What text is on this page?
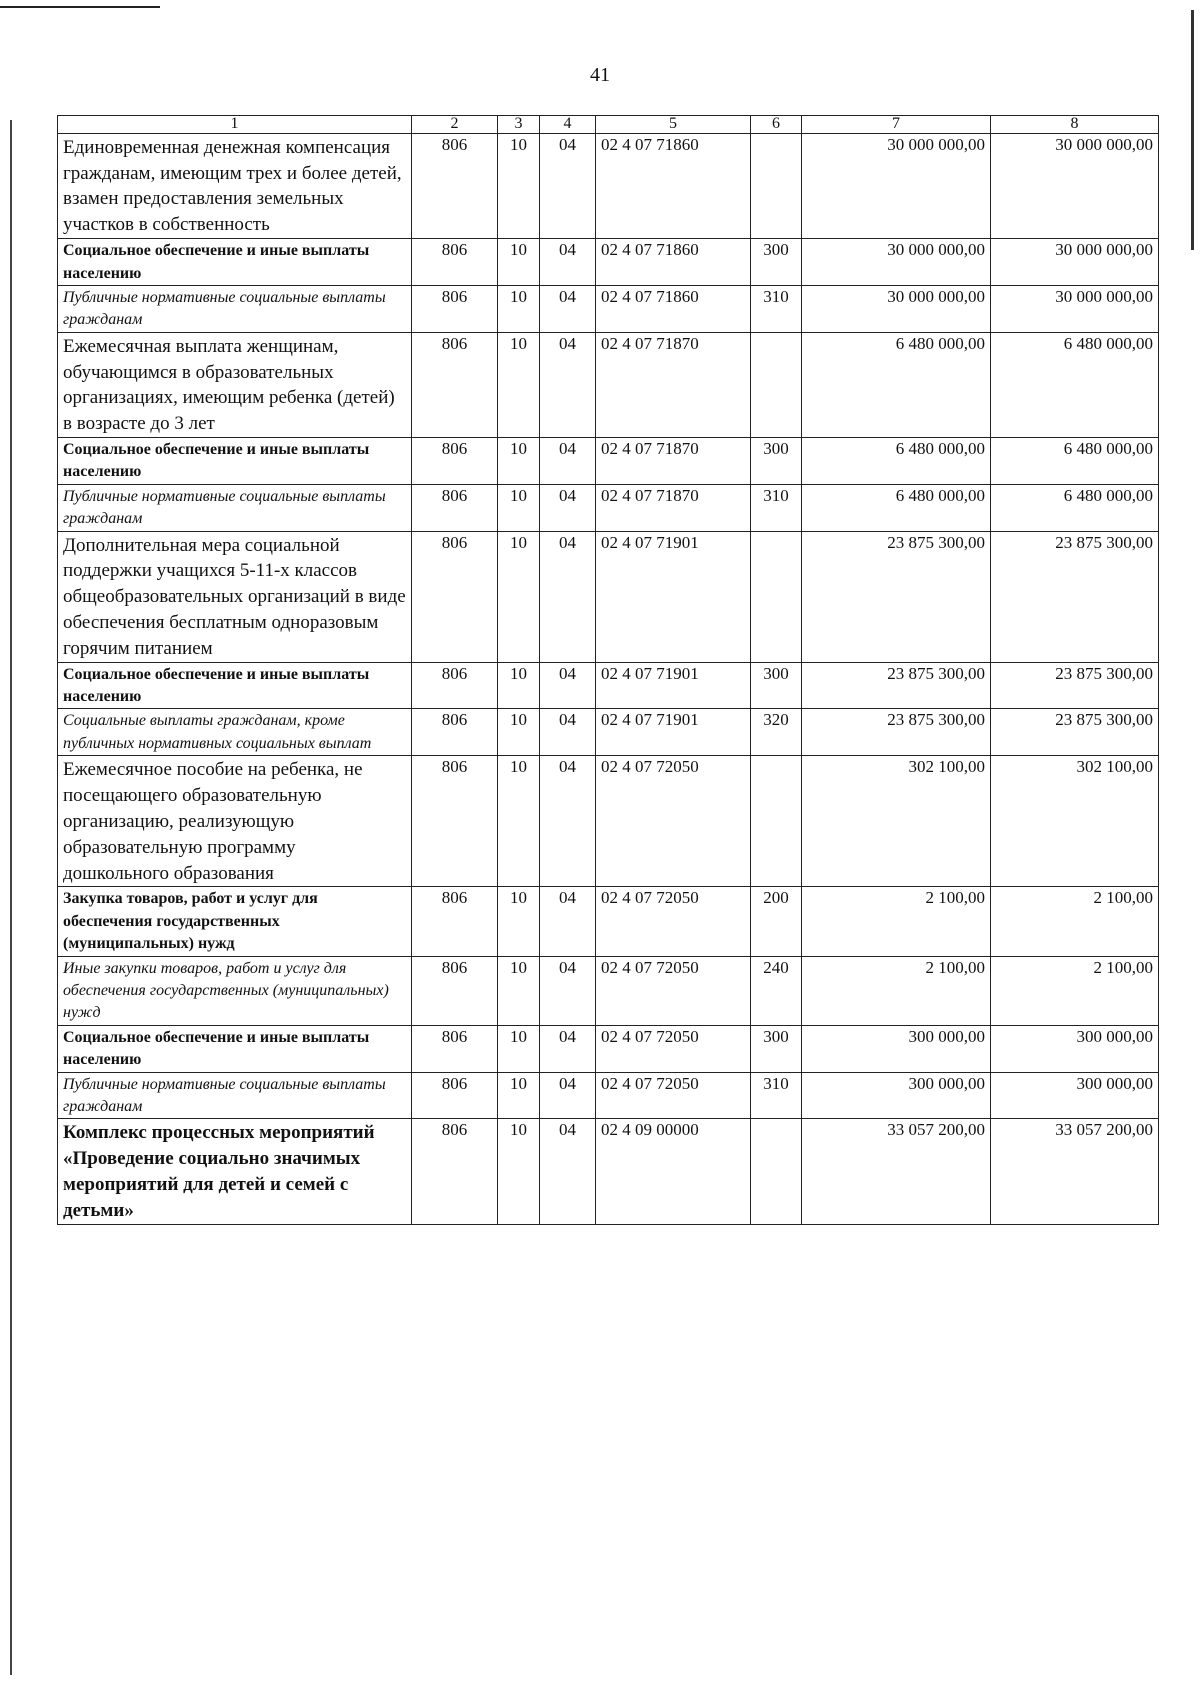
41
1	2	3	4	5	6	7	8
Единовременная денежная компенсация гражданам, имеющим трех и более детей, взамен предоставления земельных участков в собственность	806	10	04	02 4 07 71860		30 000 000,00	30 000 000,00
Социальное обеспечение и иные выплаты населению	806	10	04	02 4 07 71860	300	30 000 000,00	30 000 000,00
Публичные нормативные социальные выплаты гражданам	806	10	04	02 4 07 71860	310	30 000 000,00	30 000 000,00
Ежемесячная выплата женщинам, обучающимся в образовательных организациях, имеющим ребенка (детей) в возрасте до 3 лет	806	10	04	02 4 07 71870		6 480 000,00	6 480 000,00
Социальное обеспечение и иные выплаты населению	806	10	04	02 4 07 71870	300	6 480 000,00	6 480 000,00
Публичные нормативные социальные выплаты гражданам	806	10	04	02 4 07 71870	310	6 480 000,00	6 480 000,00
Дополнительная мера социальной поддержки учащихся 5-11-х классов общеобразовательных организаций в виде обеспечения бесплатным одноразовым горячим питанием	806	10	04	02 4 07 71901		23 875 300,00	23 875 300,00
Социальное обеспечение и иные выплаты населению	806	10	04	02 4 07 71901	300	23 875 300,00	23 875 300,00
Социальные выплаты гражданам, кроме публичных нормативных социальных выплат	806	10	04	02 4 07 71901	320	23 875 300,00	23 875 300,00
Ежемесячное пособие на ребенка, не посещающего образовательную организацию, реализующую образовательную программу дошкольного образования	806	10	04	02 4 07 72050		302 100,00	302 100,00
Закупка товаров, работ и услуг для обеспечения государственных (муниципальных) нужд	806	10	04	02 4 07 72050	200	2 100,00	2 100,00
Иные закупки товаров, работ и услуг для обеспечения государственных (муниципальных) нужд	806	10	04	02 4 07 72050	240	2 100,00	2 100,00
Социальное обеспечение и иные выплаты населению	806	10	04	02 4 07 72050	300	300 000,00	300 000,00
Публичные нормативные социальные выплаты гражданам	806	10	04	02 4 07 72050	310	300 000,00	300 000,00
Комплекс процессных мероприятий «Проведение социально значимых мероприятий для детей и семей с детьми»	806	10	04	02 4 09 00000		33 057 200,00	33 057 200,00
